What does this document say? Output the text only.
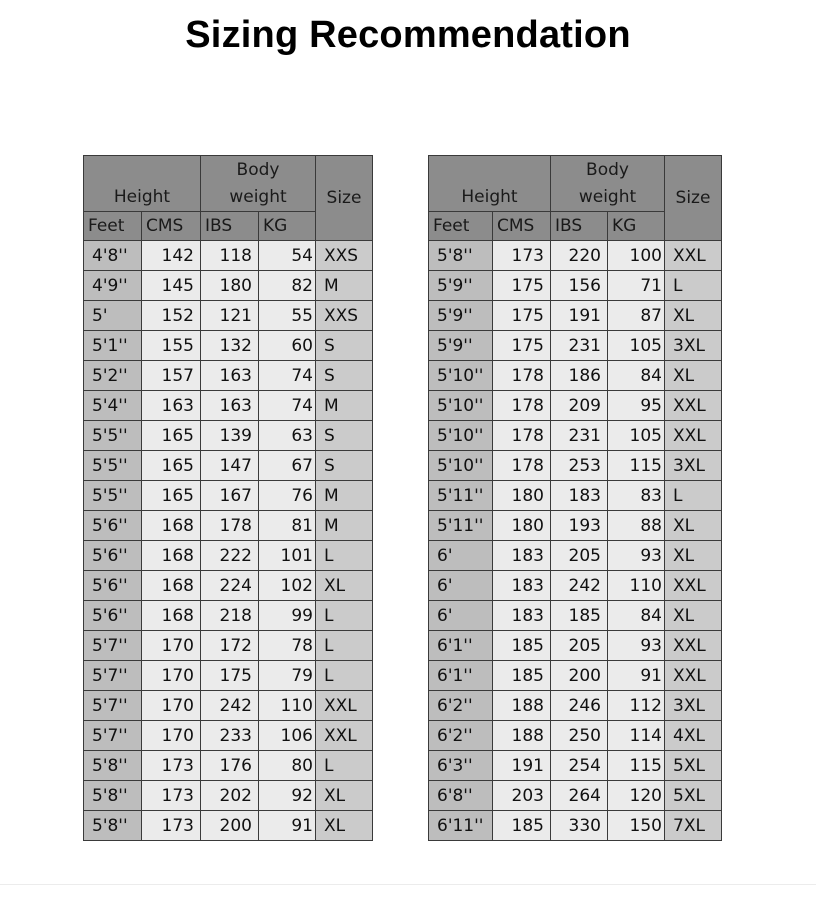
Sizing Recommendation
Height		Body
weight		Size
Feet	CMS	IBS	KG	
4'8''	142	118	54	XXS
4'9''	145	180	82	M
5'	152	121	55	XXS
5'1''	155	132	60	S
5'2''	157	163	74	S
5'4''	163	163	74	M
5'5''	165	139	63	S
5'5''	165	147	67	S
5'5''	165	167	76	M
5'6''	168	178	81	M
5'6''	168	222	101	L
5'6''	168	224	102	XL
5'6''	168	218	99	L
5'7''	170	172	78	L
5'7''	170	175	79	L
5'7''	170	242	110	XXL
5'7''	170	233	106	XXL
5'8''	173	176	80	L
5'8''	173	202	92	XL
5'8''	173	200	91	XL
Height		Body
weight		Size
Feet	CMS	IBS	KG	
5'8''	173	220	100	XXL
5'9''	175	156	71	L
5'9''	175	191	87	XL
5'9''	175	231	105	3XL
5'10''	178	186	84	XL
5'10''	178	209	95	XXL
5'10''	178	231	105	XXL
5'10''	178	253	115	3XL
5'11''	180	183	83	L
5'11''	180	193	88	XL
6'	183	205	93	XL
6'	183	242	110	XXL
6'	183	185	84	XL
6'1''	185	205	93	XXL
6'1''	185	200	91	XXL
6'2''	188	246	112	3XL
6'2''	188	250	114	4XL
6'3''	191	254	115	5XL
6'8''	203	264	120	5XL
6'11''	185	330	150	7XL
